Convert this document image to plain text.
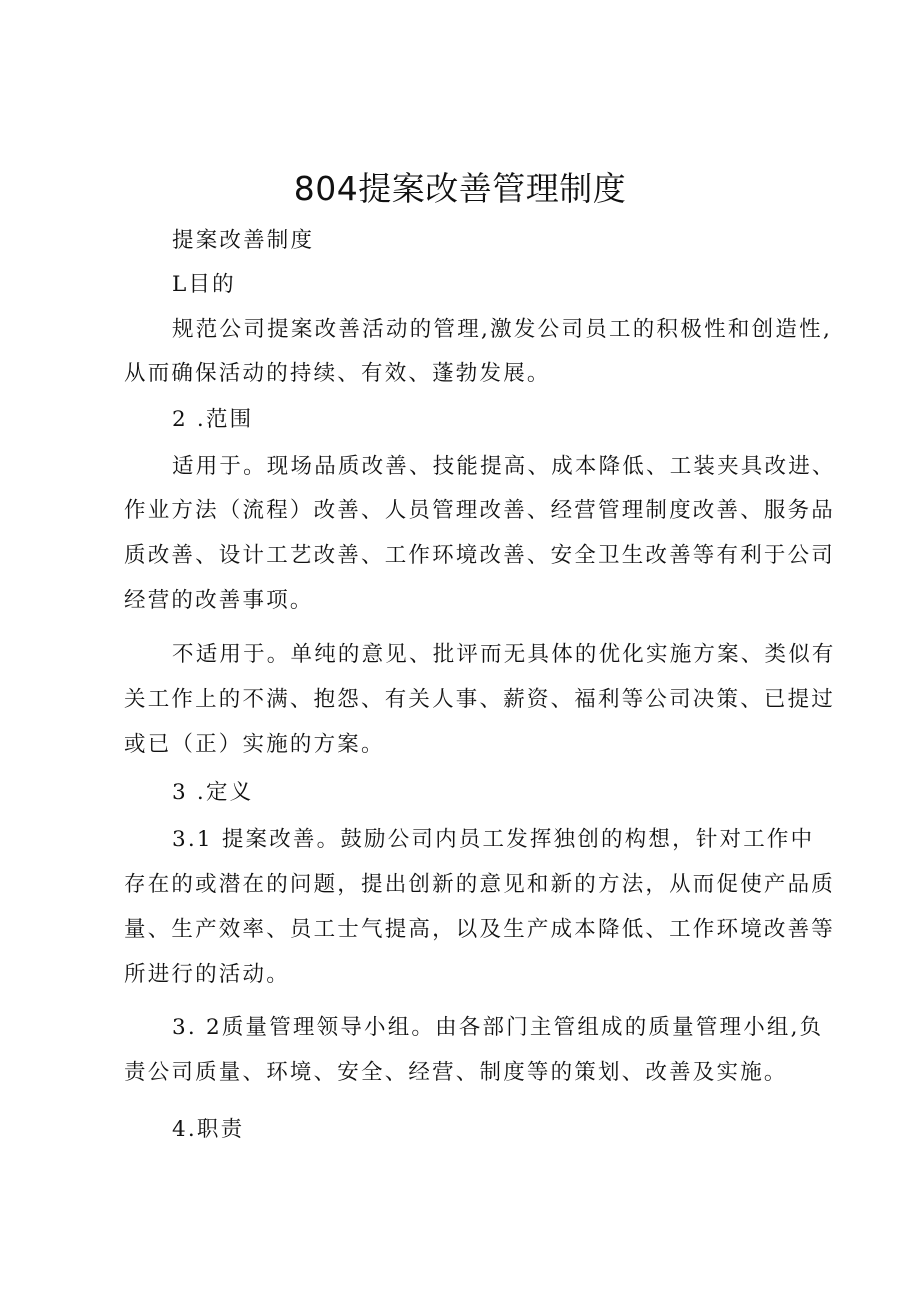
804提案改善管理制度
提案改善制度
L目的
规范公司提案改善活动的管理,激发公司员工的积极性和创造性,
从而确保活动的持续、有效、蓬勃发展。
2 .范围
适用于。现场品质改善、技能提高、成本降低、工装夹具改进、
作业方法（流程）改善、人员管理改善、经营管理制度改善、服务品
质改善、设计工艺改善、工作环境改善、安全卫生改善等有利于公司
经营的改善事项。
不适用于。单纯的意见、批评而无具体的优化实施方案、类似有
关工作上的不满、抱怨、有关人事、薪资、福利等公司决策、已提过
或已（正）实施的方案。
3 .定义
3.1 提案改善。鼓励公司内员工发挥独创的构想，针对工作中
存在的或潜在的问题，提出创新的意见和新的方法，从而促使产品质
量、生产效率、员工士气提高，以及生产成本降低、工作环境改善等
所进行的活动。
3. 2质量管理领导小组。由各部门主管组成的质量管理小组,负
责公司质量、环境、安全、经营、制度等的策划、改善及实施。
4.职责
